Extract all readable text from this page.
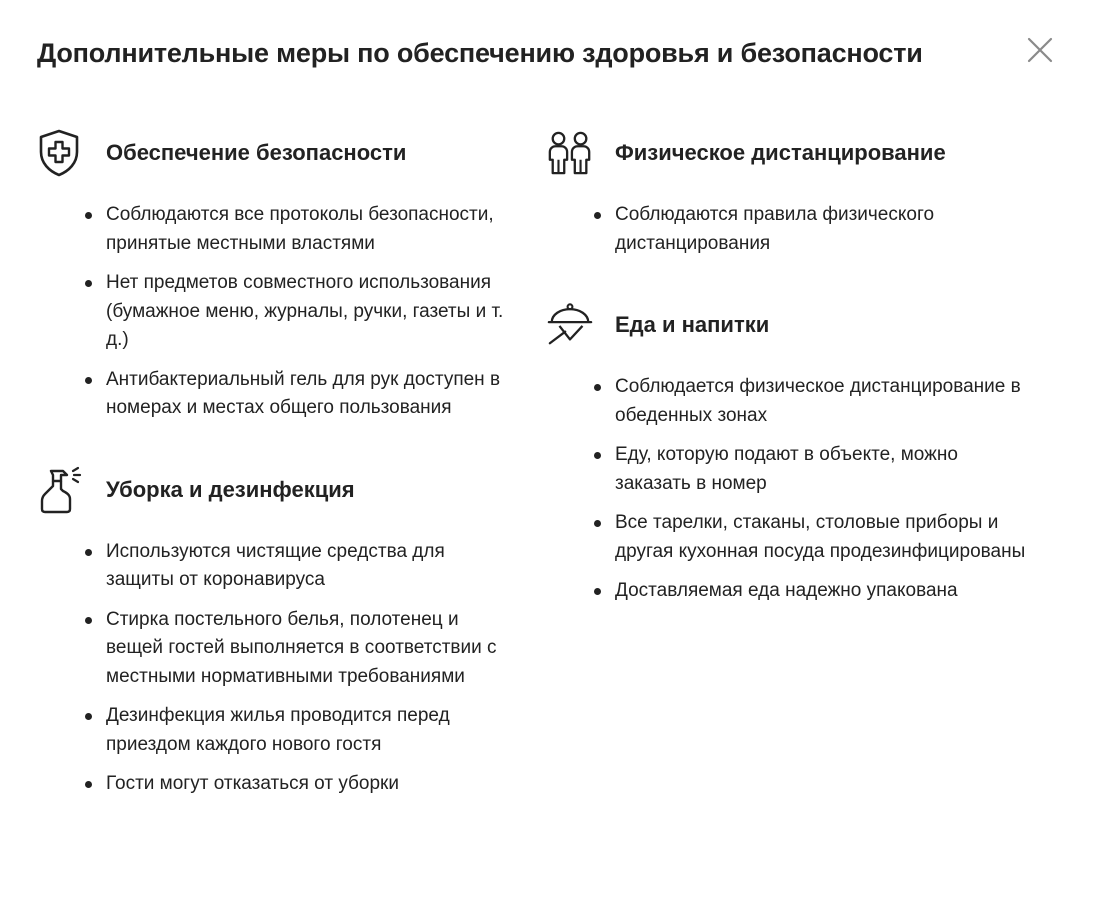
Дополнительные меры по обеспечению здоровья и безопасности
Обеспечение безопасности
Соблюдаются все протоколы безопасности, принятые местными властями
Нет предметов совместного использования (бумажное меню, журналы, ручки, газеты и т. д.)
Антибактериальный гель для рук доступен в номерах и местах общего пользования
Уборка и дезинфекция
Используются чистящие средства для защиты от коронавируса
Стирка постельного белья, полотенец и вещей гостей выполняется в соответствии с местными нормативными требованиями
Дезинфекция жилья проводится перед приездом каждого нового гостя
Гости могут отказаться от уборки
Физическое дистанцирование
Соблюдаются правила физического дистанцирования
Еда и напитки
Соблюдается физическое дистанцирование в обеденных зонах
Еду, которую подают в объекте, можно заказать в номер
Все тарелки, стаканы, столовые приборы и другая кухонная посуда продезинфицированы
Доставляемая еда надежно упакована
